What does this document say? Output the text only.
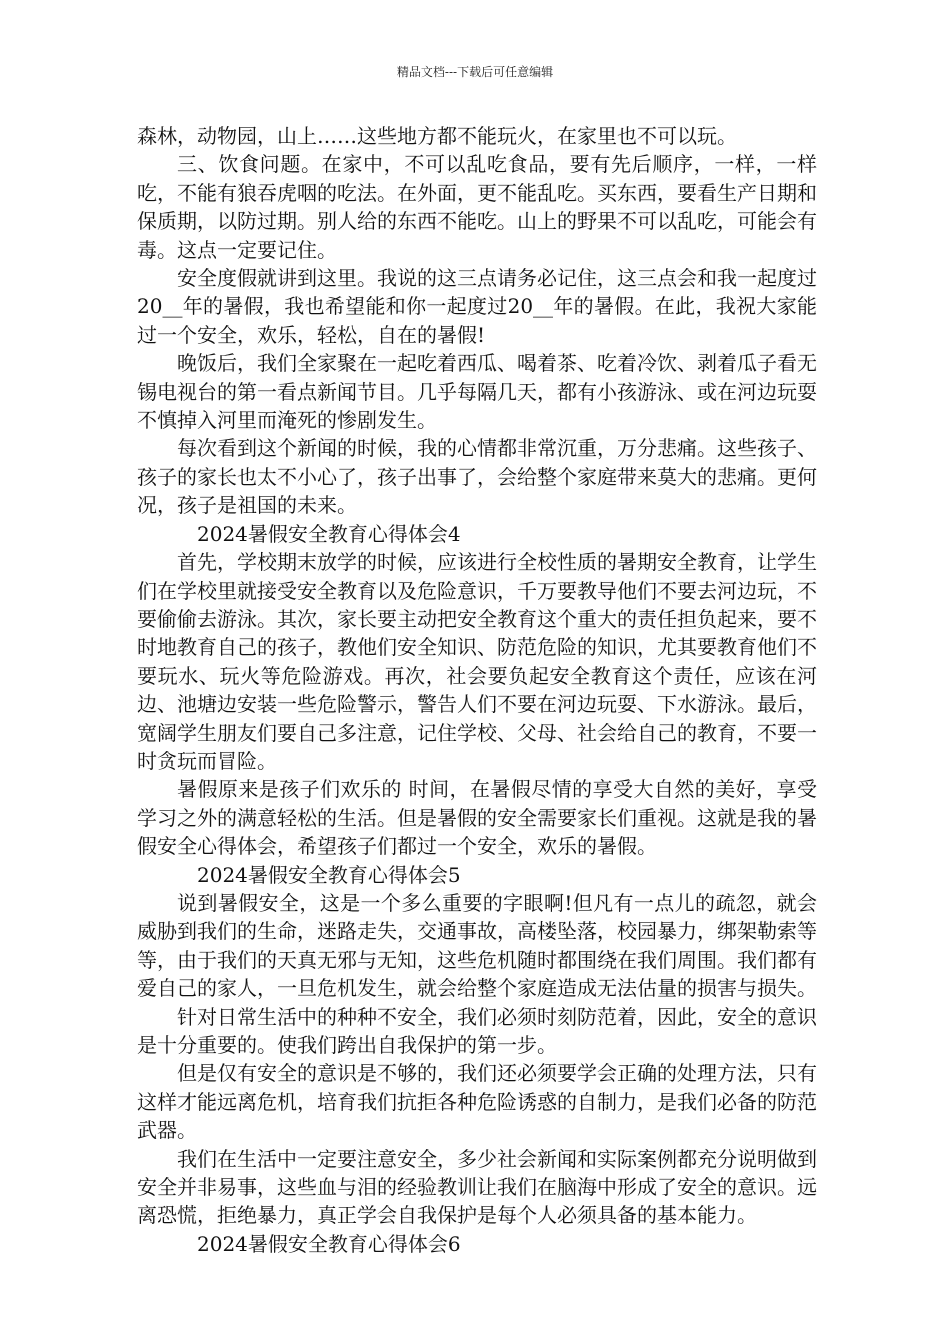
精品文档---下载后可任意编辑

森林，动物园，山上……这些地方都不能玩火，在家里也不可以玩。

三、饮食问题。在家中，不可以乱吃食品，要有先后顺序，一样，一样吃，不能有狼吞虎咽的吃法。在外面，更不能乱吃。买东西，要看生产日期和保质期，以防过期。别人给的东西不能吃。山上的野果不可以乱吃，可能会有毒。这点一定要记住。

安全度假就讲到这里。我说的这三点请务必记住，这三点会和我一起度过20__年的暑假，我也希望能和你一起度过20__年的暑假。在此，我祝大家能过一个安全，欢乐，轻松，自在的暑假!

晚饭后，我们全家聚在一起吃着西瓜、喝着茶、吃着冷饮、剥着瓜子看无锡电视台的第一看点新闻节目。几乎每隔几天，都有小孩游泳、或在河边玩耍不慎掉入河里而淹死的惨剧发生。

每次看到这个新闻的时候，我的心情都非常沉重，万分悲痛。这些孩子、孩子的家长也太不小心了，孩子出事了，会给整个家庭带来莫大的悲痛。更何况，孩子是祖国的未来。

2024暑假安全教育心得体会4

首先，学校期末放学的时候，应该进行全校性质的暑期安全教育，让学生们在学校里就接受安全教育以及危险意识，千万要教导他们不要去河边玩，不要偷偷去游泳。其次，家长要主动把安全教育这个重大的责任担负起来，要不时地教育自己的孩子，教他们安全知识、防范危险的知识，尤其要教育他们不要玩水、玩火等危险游戏。再次，社会要负起安全教育这个责任，应该在河边、池塘边安装一些危险警示，警告人们不要在河边玩耍、下水游泳。最后，宽阔学生朋友们要自己多注意，记住学校、父母、社会给自己的教育，不要一时贪玩而冒险。

暑假原来是孩子们欢乐的 时间，在暑假尽情的享受大自然的美好，享受学习之外的满意轻松的生活。但是暑假的安全需要家长们重视。这就是我的暑假安全心得体会，希望孩子们都过一个安全，欢乐的暑假。

2024暑假安全教育心得体会5

说到暑假安全，这是一个多么重要的字眼啊!但凡有一点儿的疏忽，就会威胁到我们的生命，迷路走失，交通事故，高楼坠落，校园暴力，绑架勒索等等，由于我们的天真无邪与无知，这些危机随时都围绕在我们周围。我们都有爱自己的家人，一旦危机发生，就会给整个家庭造成无法估量的损害与损失。

针对日常生活中的种种不安全，我们必须时刻防范着，因此，安全的意识是十分重要的。使我们跨出自我保护的第一步。

但是仅有安全的意识是不够的，我们还必须要学会正确的处理方法，只有这样才能远离危机，培育我们抗拒各种危险诱惑的自制力，是我们必备的防范武器。

我们在生活中一定要注意安全，多少社会新闻和实际案例都充分说明做到安全并非易事，这些血与泪的经验教训让我们在脑海中形成了安全的意识。远离恐慌，拒绝暴力，真正学会自我保护是每个人必须具备的基本能力。

2024暑假安全教育心得体会6
